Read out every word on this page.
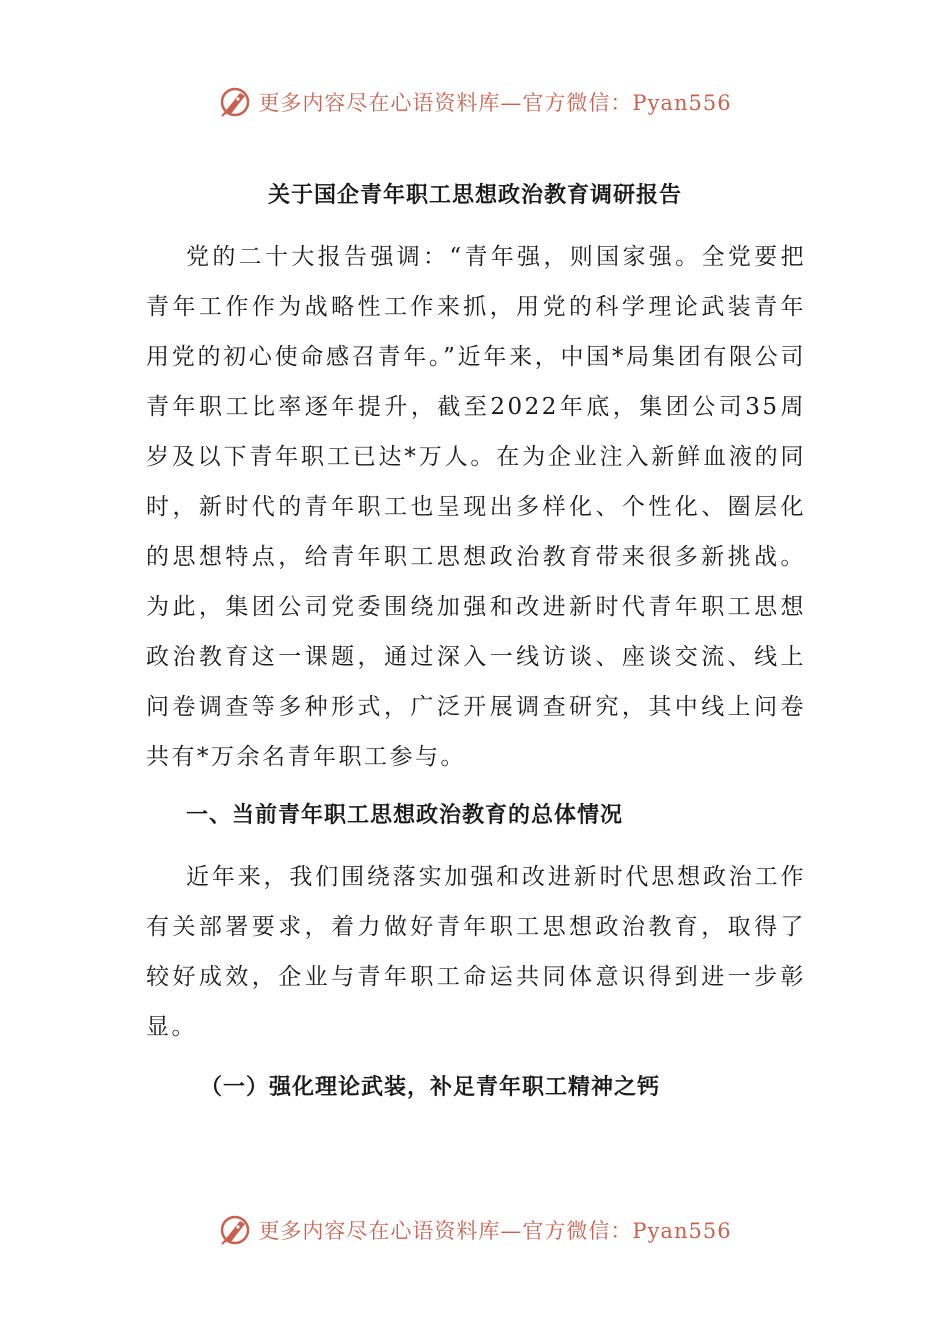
更多内容尽在心语资料库—官方微信：Pyan556
关于国企青年职工思想政治教育调研报告

党的二十大报告强调：“青年强，则国家强。全党要把青年工作作为战略性工作来抓，用党的科学理论武装青年用党的初心使命感召青年。”近年来，中国*局集团有限公司青年职工比率逐年提升，截至2022年底，集团公司35周岁及以下青年职工已达*万人。在为企业注入新鲜血液的同时，新时代的青年职工也呈现出多样化、个性化、圈层化的思想特点，给青年职工思想政治教育带来很多新挑战。为此，集团公司党委围绕加强和改进新时代青年职工思想政治教育这一课题，通过深入一线访谈、座谈交流、线上问卷调查等多种形式，广泛开展调查研究，其中线上问卷共有*万余名青年职工参与。

一、当前青年职工思想政治教育的总体情况

近年来，我们围绕落实加强和改进新时代思想政治工作有关部署要求，着力做好青年职工思想政治教育，取得了较好成效，企业与青年职工命运共同体意识得到进一步彰显。

（一）强化理论武装，补足青年职工精神之钙
更多内容尽在心语资料库—官方微信：Pyan556
